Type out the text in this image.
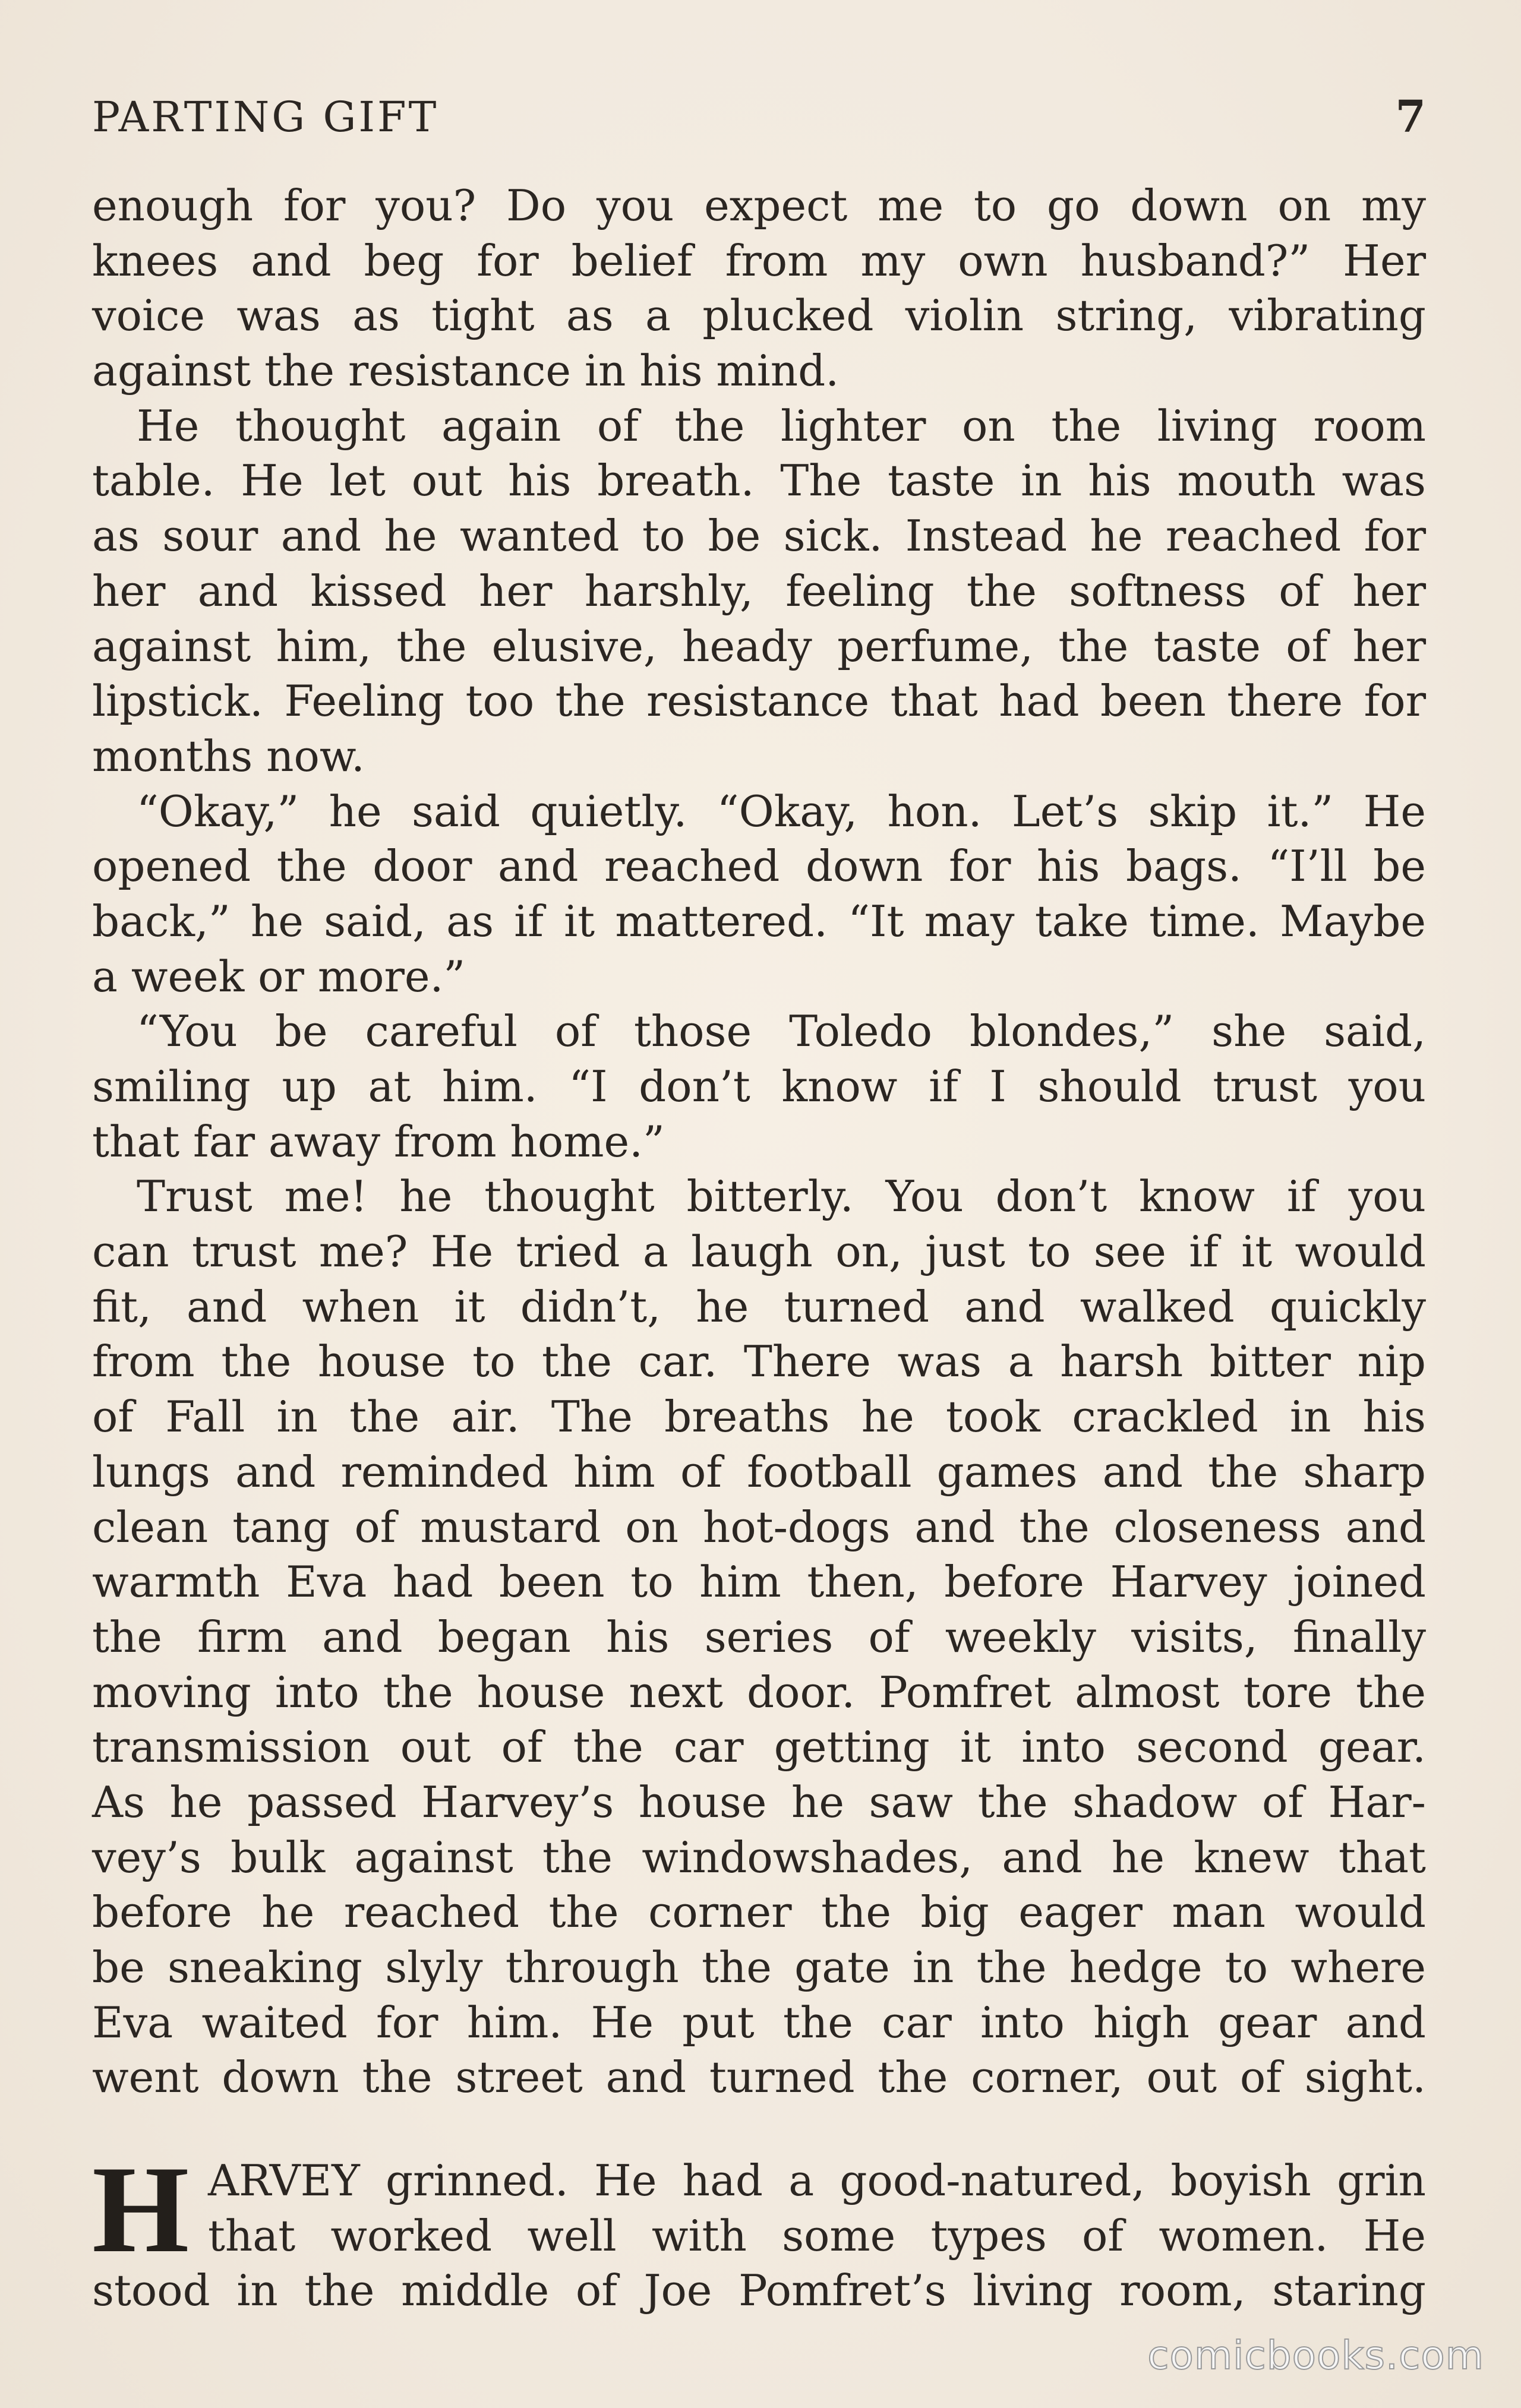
PARTING GIFT	7
enough for you? Do you expect me to go down on my
knees and beg for belief from my own husband?” Her
voice was as tight as a plucked violin string, vibrating
against the resistance in his mind.
He thought again of the lighter on the living room
table. He let out his breath. The taste in his mouth was
as sour and he wanted to be sick. Instead he reached for
her and kissed her harshly, feeling the softness of her
against him, the elusive, heady perfume, the taste of her
lipstick. Feeling too the resistance that had been there for
months now.
“Okay,” he said quietly. “Okay, hon. Let’s skip it.” He
opened the door and reached down for his bags. “I’ll be
back,” he said, as if it mattered. “It may take time. Maybe
a week or more.”
“You be careful of those Toledo blondes,” she said,
smiling up at him. “I don’t know if I should trust you
that far away from home.”
Trust me! he thought bitterly. You don’t know if you
can trust me? He tried a laugh on, just to see if it would
fit, and when it didn’t, he turned and walked quickly
from the house to the car. There was a harsh bitter nip
of Fall in the air. The breaths he took crackled in his
lungs and reminded him of football games and the sharp
clean tang of mustard on hot-dogs and the closeness and
warmth Eva had been to him then, before Harvey joined
the firm and began his series of weekly visits, finally
moving into the house next door. Pomfret almost tore the
transmission out of the car getting it into second gear.
As he passed Harvey’s house he saw the shadow of Har-
vey’s bulk against the windowshades, and he knew that
before he reached the corner the big eager man would
be sneaking slyly through the gate in the hedge to where
Eva waited for him. He put the car into high gear and
went down the street and turned the corner, out of sight.
H ARVEY grinned. He had a good-natured, boyish grin
that worked well with some types of women. He
stood in the middle of Joe Pomfret’s living room, staring
comicbooks.com
